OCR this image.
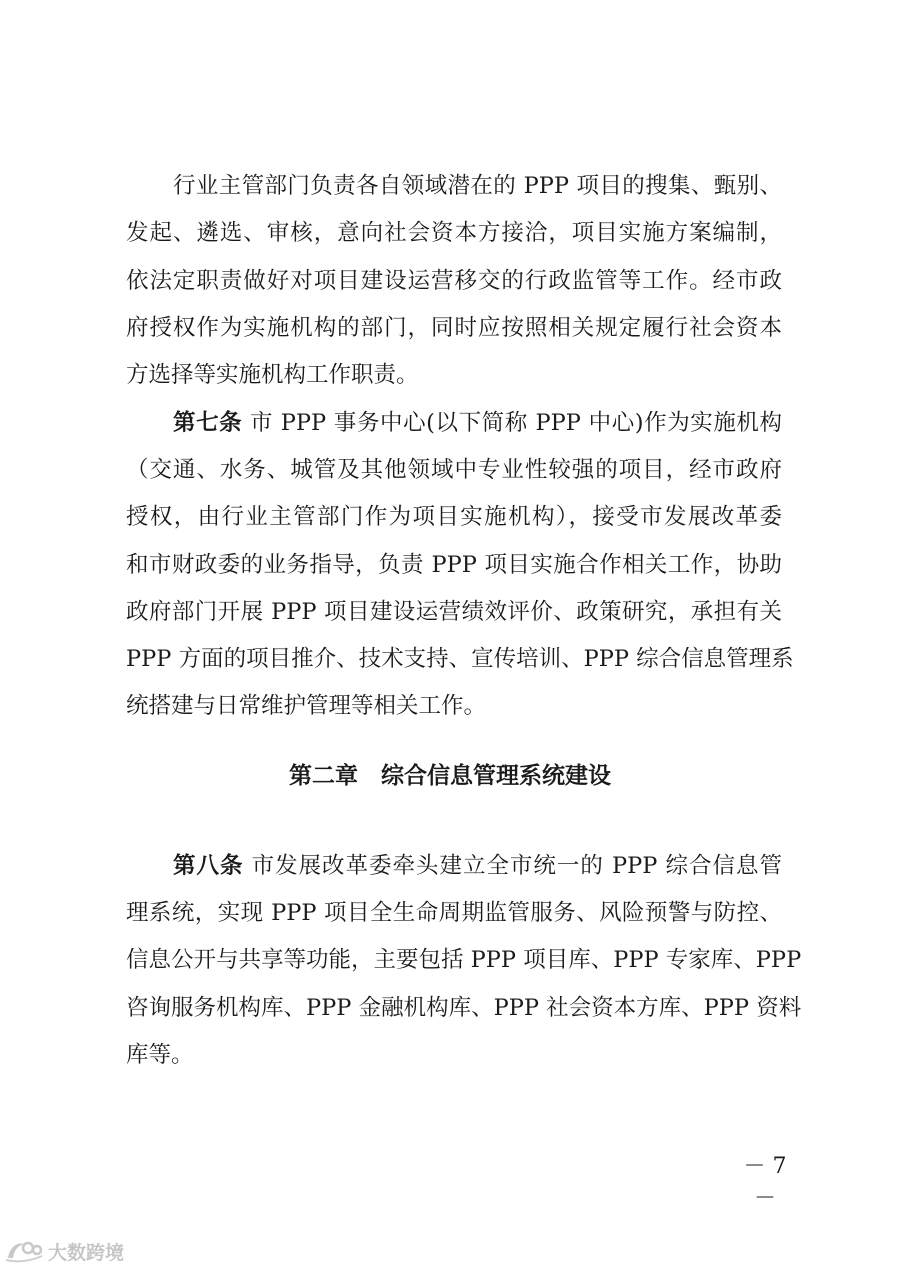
行业主管部门负责各自领域潜在的 PPP 项目的搜集、甄别、
发起、遴选、审核，意向社会资本方接洽，项目实施方案编制，
依法定职责做好对项目建设运营移交的行政监管等工作。经市政
府授权作为实施机构的部门，同时应按照相关规定履行社会资本
方选择等实施机构工作职责。
第七条 市 PPP 事务中心(以下简称 PPP 中心)作为实施机构
（交通、水务、城管及其他领域中专业性较强的项目，经市政府
授权，由行业主管部门作为项目实施机构），接受市发展改革委
和市财政委的业务指导，负责 PPP 项目实施合作相关工作，协助
政府部门开展 PPP 项目建设运营绩效评价、政策研究，承担有关
PPP 方面的项目推介、技术支持、宣传培训、PPP 综合信息管理系
统搭建与日常维护管理等相关工作。
第二章　综合信息管理系统建设
第八条 市发展改革委牵头建立全市统一的 PPP 综合信息管
理系统，实现 PPP 项目全生命周期监管服务、风险预警与防控、
信息公开与共享等功能，主要包括 PPP 项目库、PPP 专家库、PPP
咨询服务机构库、PPP 金融机构库、PPP 社会资本方库、PPP 资料
库等。
－ 7 －
大数跨境
